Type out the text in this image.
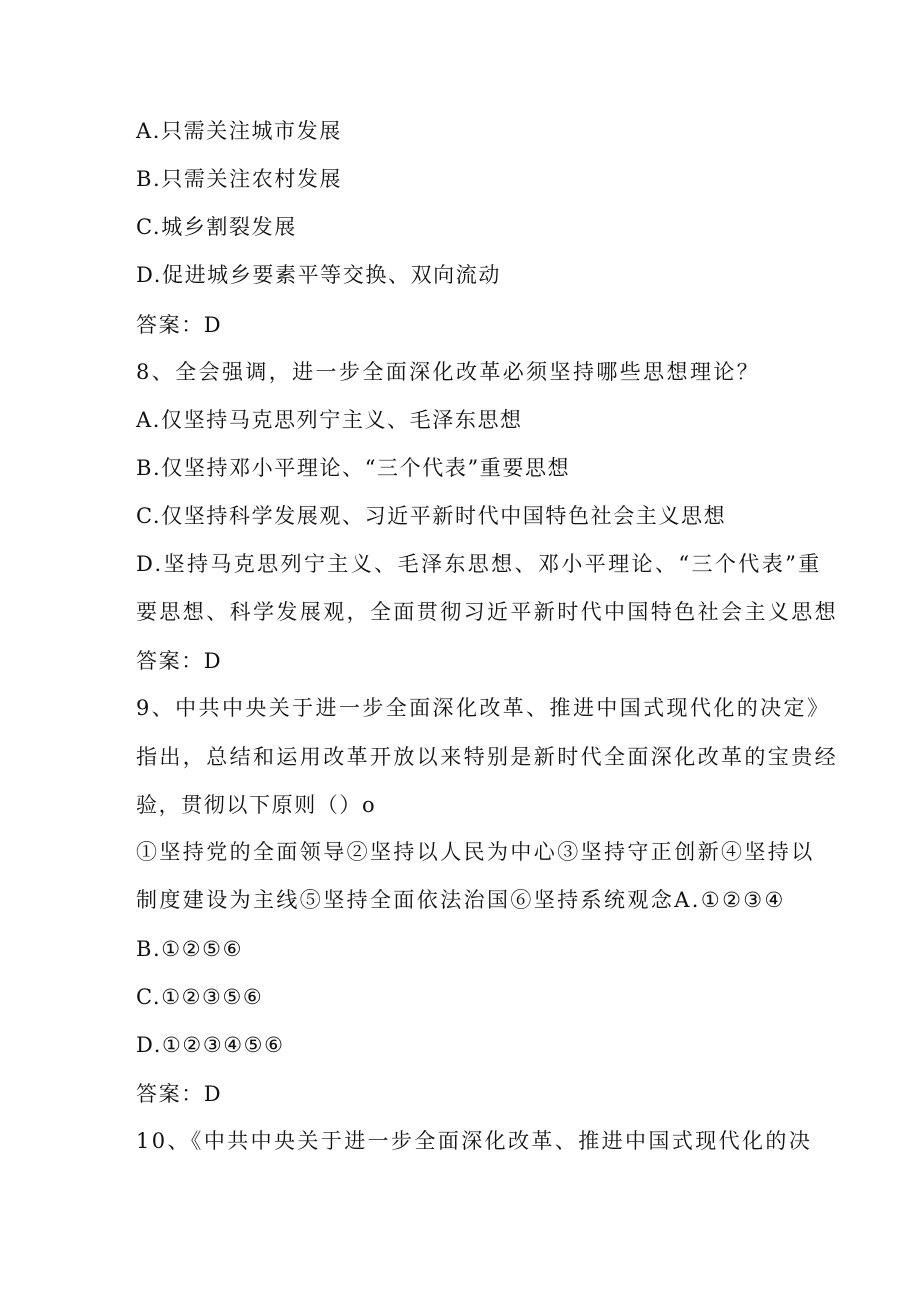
A.只需关注城市发展
B.只需关注农村发展
C.城乡割裂发展
D.促进城乡要素平等交换、双向流动
答案：D
8、全会强调，进一步全面深化改革必须坚持哪些思想理论？
A.仅坚持马克思列宁主义、毛泽东思想
B.仅坚持邓小平理论、“三个代表”重要思想
C.仅坚持科学发展观、习近平新时代中国特色社会主义思想
D.坚持马克思列宁主义、毛泽东思想、邓小平理论、“三个代表”重
要思想、科学发展观，全面贯彻习近平新时代中国特色社会主义思想
答案：D
9、中共中央关于进一步全面深化改革、推进中国式现代化的决定》
指出，总结和运用改革开放以来特别是新时代全面深化改革的宝贵经
验，贯彻以下原则（）o
①坚持党的全面领导②坚持以人民为中心③坚持守正创新④坚持以
制度建设为主线⑤坚持全面依法治国⑥坚持系统观念A.①②③④
B.①②⑤⑥
C.①②③⑤⑥
D.①②③④⑤⑥
答案：D
10、《中共中央关于进一步全面深化改革、推进中国式现代化的决
